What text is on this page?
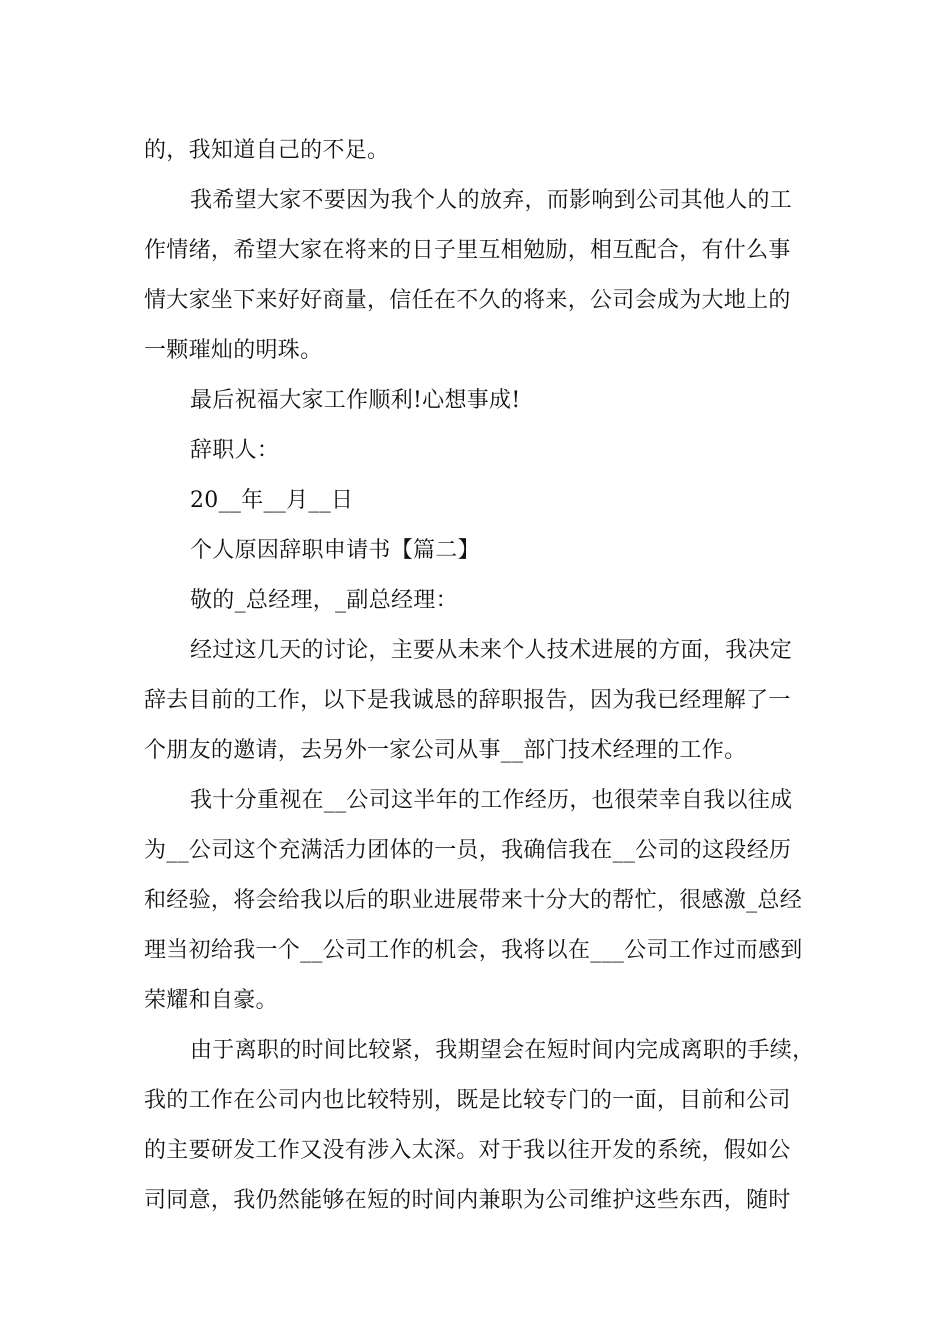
的，我知道自己的不足。
我希望大家不要因为我个人的放弃，而影响到公司其他人的工
作情绪，希望大家在将来的日子里互相勉励，相互配合，有什么事
情大家坐下来好好商量，信任在不久的将来，公司会成为大地上的
一颗璀灿的明珠。
最后祝福大家工作顺利!心想事成!
辞职人：
20__年__月__日
个人原因辞职申请书【篇二】
敬的_总经理，_副总经理：
经过这几天的讨论，主要从未来个人技术进展的方面，我决定
辞去目前的工作，以下是我诚恳的辞职报告，因为我已经理解了一
个朋友的邀请，去另外一家公司从事__部门技术经理的工作。
我十分重视在__公司这半年的工作经历，也很荣幸自我以往成
为__公司这个充满活力团体的一员，我确信我在__公司的这段经历
和经验，将会给我以后的职业进展带来十分大的帮忙，很感激_总经
理当初给我一个__公司工作的机会，我将以在___公司工作过而感到
荣耀和自豪。
由于离职的时间比较紧，我期望会在短时间内完成离职的手续，
我的工作在公司内也比较特别，既是比较专门的一面，目前和公司
的主要研发工作又没有涉入太深。对于我以往开发的系统，假如公
司同意，我仍然能够在短的时间内兼职为公司维护这些东西，随时
